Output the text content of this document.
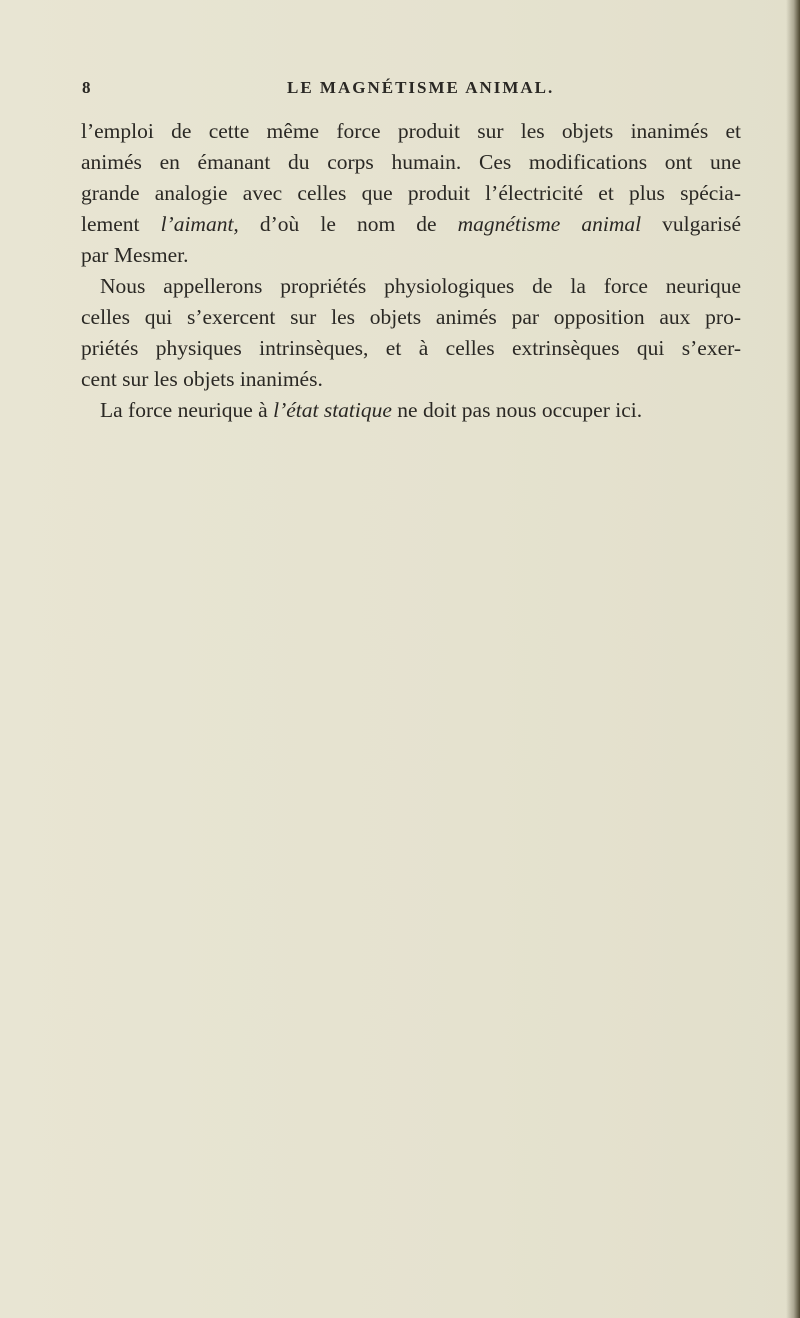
8	LE MAGNÉTISME ANIMAL.
l’emploi de cette même force produit sur les objets inanimés et
animés en émanant du corps humain. Ces modifications ont une
grande analogie avec celles que produit l’électricité et plus spécia-
lement l’aimant, d’où le nom de magnétisme animal vulgarisé
par Mesmer.
Nous appellerons propriétés physiologiques de la force neurique
celles qui s’exercent sur les objets animés par opposition aux pro-
priétés physiques intrinsèques, et à celles extrinsèques qui s’exer-
cent sur les objets inanimés.
La force neurique à l’état statique ne doit pas nous occuper ici.
